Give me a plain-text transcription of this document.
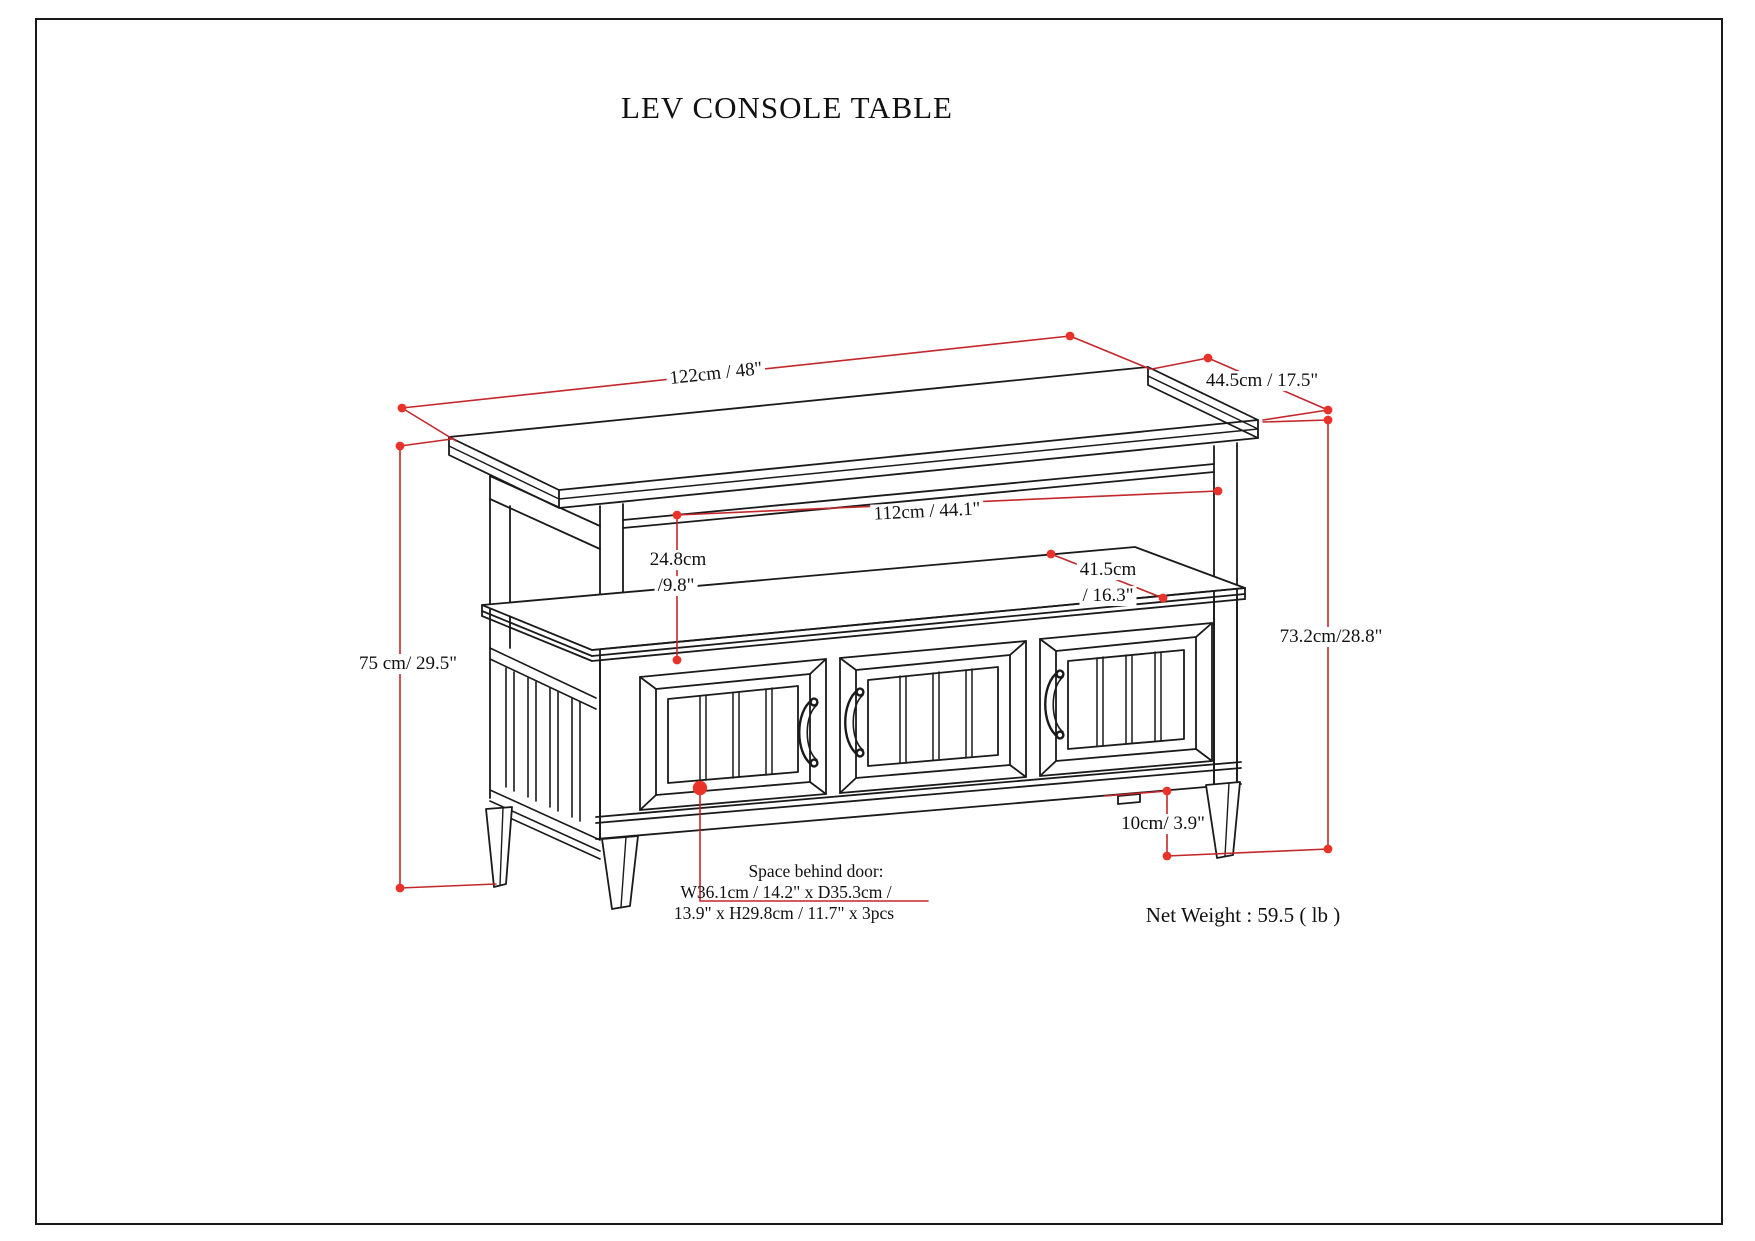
LEV CONSOLE TABLE
122cm / 48"	44.5cm / 17.5"
112cm / 44.1"
24.8cm
/9.8"
41.5cm
/ 16.3"
73.2cm/28.8"
75 cm/ 29.5"
10cm/ 3.9"
Space behind door:
W36.1cm / 14.2" x D35.3cm /
13.9" x H29.8cm / 11.7" x 3pcs	Net Weight : 59.5 ( lb )
